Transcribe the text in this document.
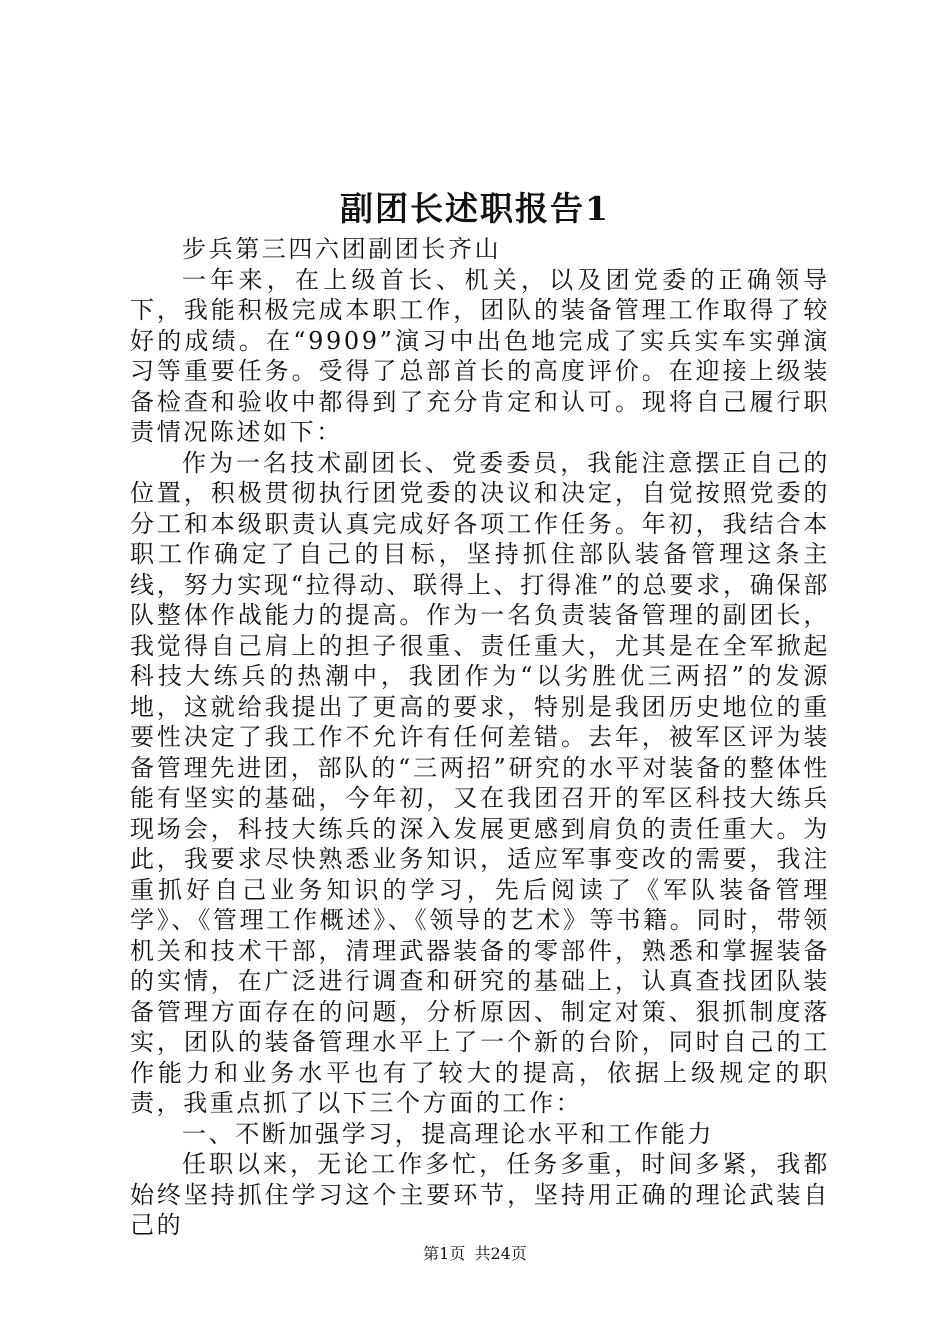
副团长述职报告1

步兵第三四六团副团长齐山

一年来，在上级首长、机关，以及团党委的正确领导下，我能积极完成本职工作，团队的装备管理工作取得了较好的成绩。在“9909”演习中出色地完成了实兵实车实弹演习等重要任务。受得了总部首长的高度评价。在迎接上级装备检查和验收中都得到了充分肯定和认可。现将自己履行职责情况陈述如下：

作为一名技术副团长、党委委员，我能注意摆正自己的位置，积极贯彻执行团党委的决议和决定，自觉按照党委的分工和本级职责认真完成好各项工作任务。年初，我结合本职工作确定了自己的目标，坚持抓住部队装备管理这条主线，努力实现“拉得动、联得上、打得准”的总要求，确保部队整体作战能力的提高。作为一名负责装备管理的副团长，我觉得自己肩上的担子很重、责任重大，尤其是在全军掀起科技大练兵的热潮中，我团作为“以劣胜优三两招”的发源地，这就给我提出了更高的要求，特别是我团历史地位的重要性决定了我工作不允许有任何差错。去年，被军区评为装备管理先进团，部队的“三两招”研究的水平对装备的整体性能有坚实的基础，今年初，又在我团召开的军区科技大练兵现场会，科技大练兵的深入发展更感到肩负的责任重大。为此，我要求尽快熟悉业务知识，适应军事变改的需要，我注重抓好自己业务知识的学习，先后阅读了《军队装备管理学》、《管理工作概述》、《领导的艺术》等书籍。同时，带领机关和技术干部，清理武器装备的零部件，熟悉和掌握装备的实情，在广泛进行调查和研究的基础上，认真查找团队装备管理方面存在的问题，分析原因、制定对策、狠抓制度落实，团队的装备管理水平上了一个新的台阶，同时自己的工作能力和业务水平也有了较大的提高，依据上级规定的职责，我重点抓了以下三个方面的工作：

一、不断加强学习，提高理论水平和工作能力

任职以来，无论工作多忙，任务多重，时间多紧，我都始终坚持抓住学习这个主要环节，坚持用正确的理论武装自己的

第1页 共24页
